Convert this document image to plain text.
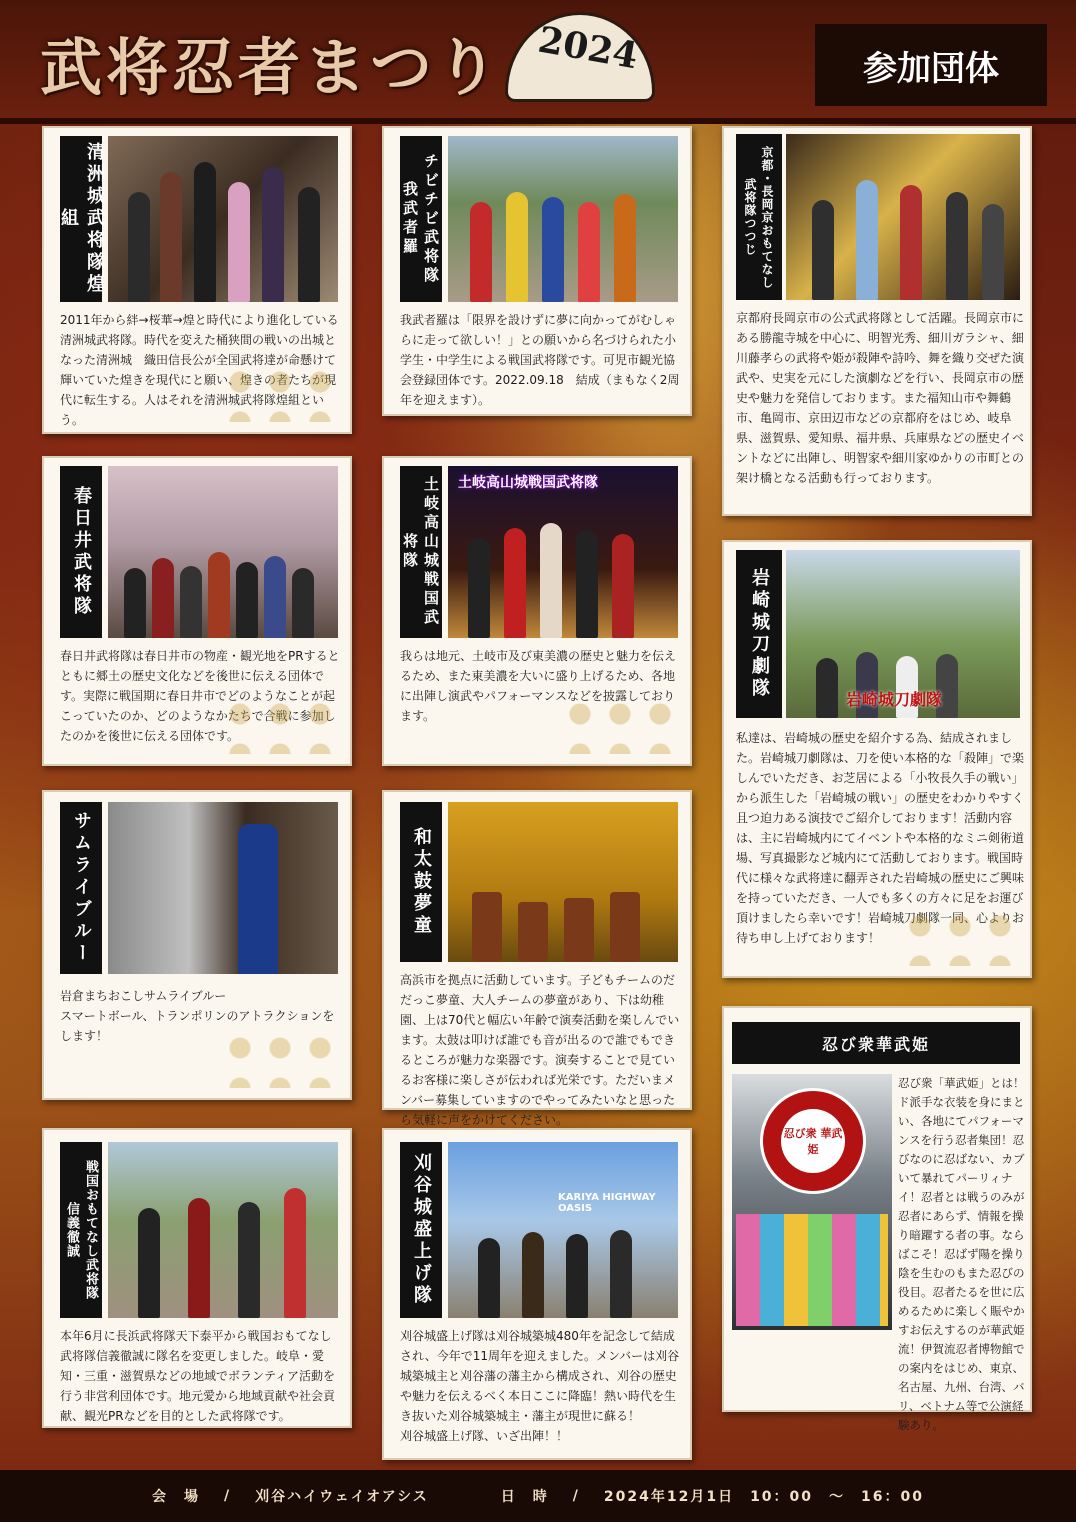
武将忍者まつり 2024	参加団体
清洲城武将隊煌組
2011年から絆→桜華→煌と時代により進化している清洲城武将隊。時代を変えた桶狭間の戦いの出城となった清洲城　織田信長公が全国武将達が命懸けて輝いていた煌きを現代にと願い、煌きの者たちが現代に転生する。人はそれを清洲城武将隊煌組という。
チビチビ武将隊　我武者羅
我武者羅は「限界を設けずに夢に向かってがむしゃらに走って欲しい！」との願いから名づけられた小学生・中学生による戦国武将隊です。可児市観光協会登録団体です。2022.09.18　結成（まもなく2周年を迎えます）。
京都・長岡京おもてなし武将隊つつじ
京都府長岡京市の公式武将隊として活躍。長岡京市にある勝龍寺城を中心に、明智光秀、細川ガラシャ、細川藤孝らの武将や姫が殺陣や詩吟、舞を織り交ぜた演武や、史実を元にした演劇などを行い、長岡京市の歴史や魅力を発信しております。また福知山市や舞鶴市、亀岡市、京田辺市などの京都府をはじめ、岐阜県、滋賀県、愛知県、福井県、兵庫県などの歴史イベントなどに出陣し、明智家や細川家ゆかりの市町との架け橋となる活動も行っております。
春日井武将隊
春日井武将隊は春日井市の物産・観光地をPRするとともに郷土の歴史文化などを後世に伝える団体です。実際に戦国期に春日井市でどのようなことが起こっていたのか、どのようなかたちで合戦に参加したのかを後世に伝える団体です。
土岐高山城戦国武将隊
土岐高山城戦国武将隊
我らは地元、土岐市及び東美濃の歴史と魅力を伝えるため、また東美濃を大いに盛り上げるため、各地に出陣し演武やパフォーマンスなどを披露しております。
岩崎城刀劇隊	岩崎城刀劇隊
私達は、岩崎城の歴史を紹介する為、結成されました。岩崎城刀劇隊は、刀を使い本格的な「殺陣」で楽しんでいただき、お芝居による「小牧長久手の戦い」から派生した「岩崎城の戦い」の歴史をわかりやすく且つ迫力ある演技でご紹介しております！活動内容は、主に岩崎城内にてイベントや本格的なミニ剣術道場、写真撮影など城内にて活動しております。戦国時代に様々な武将達に翻弄された岩崎城の歴史にご興味を持っていただき、一人でも多くの方々に足をお運び頂けましたら幸いです！岩崎城刀劇隊一同、心よりお待ち申し上げております！
サムライブルー
岩倉まちおこしサムライブルー
スマートボール、トランポリンのアトラクションをします！
和太鼓夢童
高浜市を拠点に活動しています。子どもチームのだだっこ夢童、大人チームの夢童があり、下は幼稚園、上は70代と幅広い年齢で演奏活動を楽しんでいます。太鼓は叩けば誰でも音が出るので誰でもできるところが魅力な楽器です。演奏することで見ているお客様に楽しさが伝われば光栄です。ただいまメンバー募集していますのでやってみたいなと思ったら気軽に声をかけてください。
忍び衆華武姫
忍び衆 華武姫
忍び衆「華武姫」とは！ド派手な衣装を身にまとい、各地にてパフォーマンスを行う忍者集団！忍びなのに忍ばない、カブいて暴れてパーリィナイ！忍者とは戦うのみが忍者にあらず、情報を操り暗躍する者の事。ならばこそ！忍ばず陽を操り陰を生むのもまた忍びの役目。忍者たるを世に広めるために楽しく賑やかすお伝えするのが華武姫流！伊賀流忍者博物館での案内をはじめ、東京、名古屋、九州、台湾、バリ、ベトナム等で公演経験あり。
戦国おもてなし武将隊　信義徹誠
本年6月に長浜武将隊天下泰平から戦国おもてなし武将隊信義徹誠に隊名を変更しました。岐阜・愛知・三重・滋賀県などの地域でボランティア活動を行う非営利団体です。地元愛から地域貢献や社会貢献、観光PRなどを目的とした武将隊です。
刈谷城盛上げ隊	KARIYA HIGHWAY OASIS
刈谷城盛上げ隊は刈谷城築城480年を記念して結成され、今年で11周年を迎えました。メンバーは刈谷城築城主と刈谷藩の藩主から構成され、刈谷の歴史や魅力を伝えるべく本日ここに降臨！熱い時代を生き抜いた刈谷城築城主・藩主が現世に蘇る！
刈谷城盛上げ隊、いざ出陣！！
会　場 / 刈谷ハイウェイオアシス	日　時 / 2024年12月1日　10：00　〜　16：00
